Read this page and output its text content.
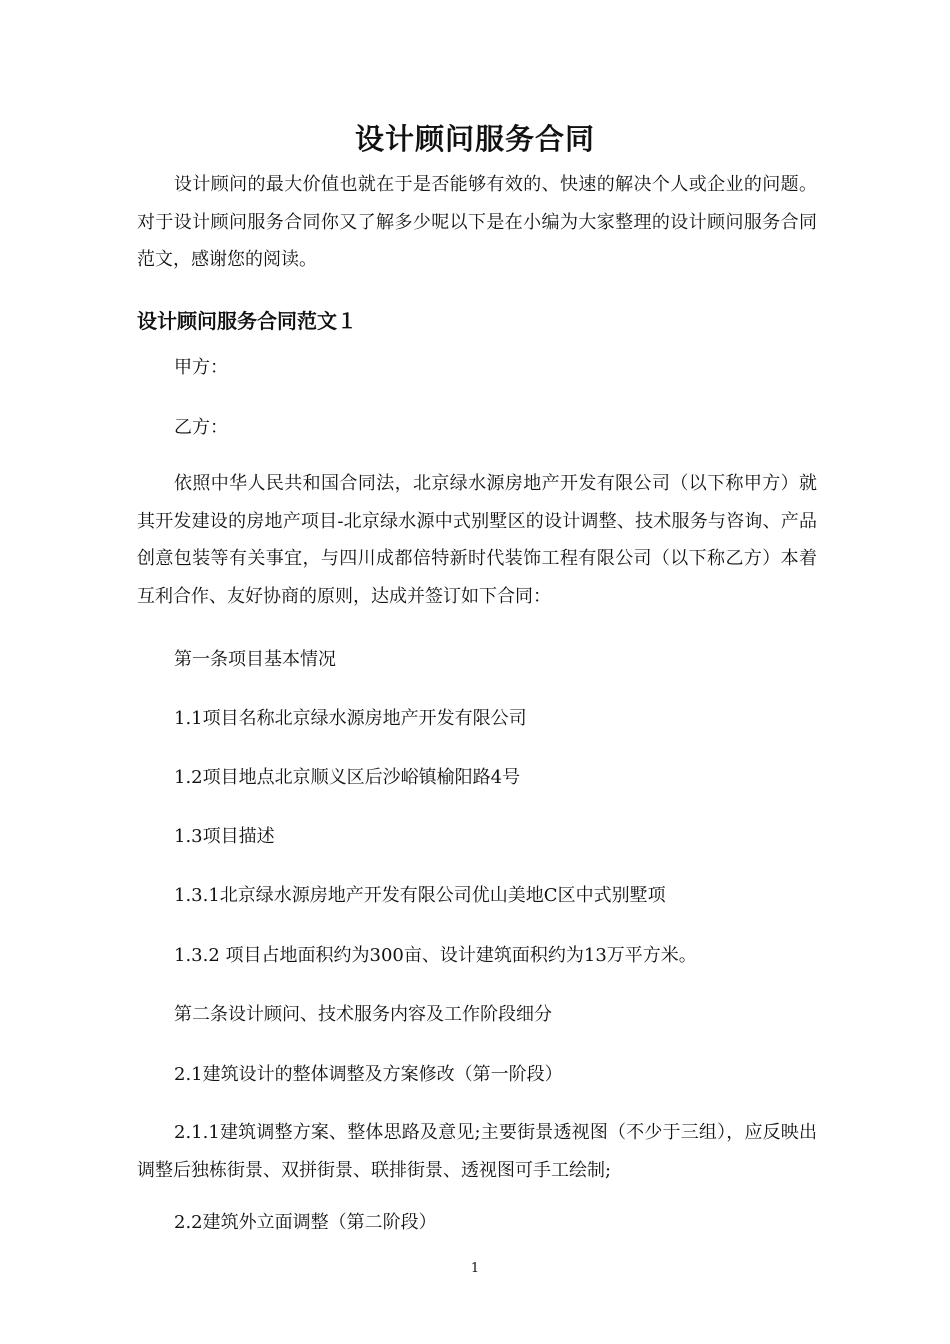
设计顾问服务合同

设计顾问的最大价值也就在于是否能够有效的、快速的解决个人或企业的问题。对于设计顾问服务合同你又了解多少呢以下是在小编为大家整理的设计顾问服务合同范文，感谢您的阅读。

设计顾问服务合同范文１

甲方：

乙方：

依照中华人民共和国合同法，北京绿水源房地产开发有限公司（以下称甲方）就其开发建设的房地产项目-北京绿水源中式别墅区的设计调整、技术服务与咨询、产品创意包装等有关事宜，与四川成都倍特新时代装饰工程有限公司（以下称乙方）本着互利合作、友好协商的原则，达成并签订如下合同：

第一条项目基本情况

1.1项目名称北京绿水源房地产开发有限公司

1.2项目地点北京顺义区后沙峪镇榆阳路4号

1.3项目描述

1.3.1北京绿水源房地产开发有限公司优山美地C区中式别墅项

1.3.2 项目占地面积约为300亩、设计建筑面积约为13万平方米。

第二条设计顾问、技术服务内容及工作阶段细分

2.1建筑设计的整体调整及方案修改（第一阶段）

2.1.1建筑调整方案、整体思路及意见;主要街景透视图（不少于三组），应反映出调整后独栋街景、双拼街景、联排街景、透视图可手工绘制;

2.2建筑外立面调整（第二阶段）

1
